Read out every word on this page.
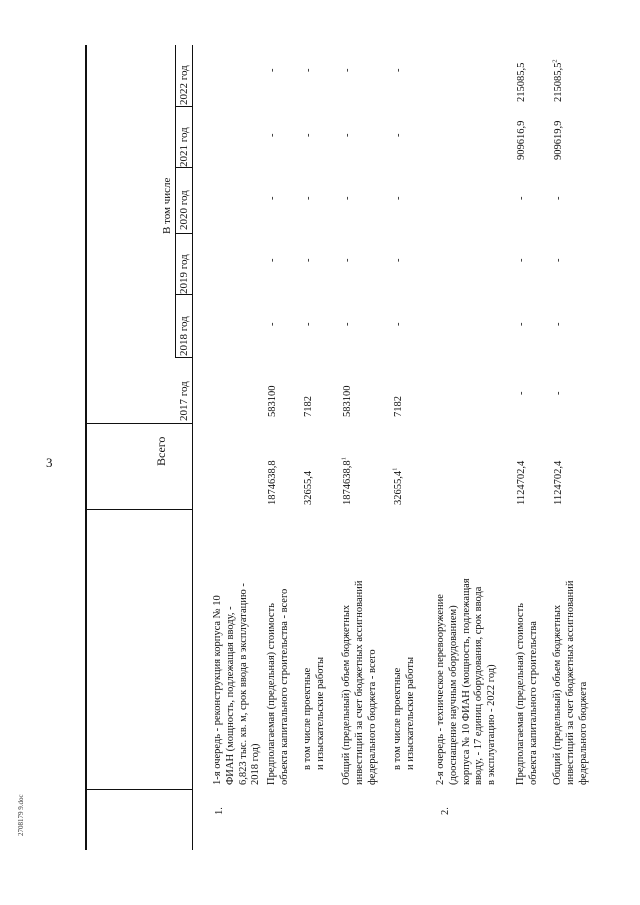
3

2708179 9.doc
Всего
В том числе
2017 год
2018 год
2019 год
2020 год
2021 год
2022 год
1.
1-я очередь - реконструкция корпуса № 10 ФИАН (мощность, подлежащая вводу, - 6,823 тыс. кв. м, срок ввода в эксплуатацию - 2018 год) Предполагаемая (предельная) стоимость объекта капитального строительства - всего
1874638,8
583100
-
-
-
-
-
в том числе проектные и изыскательские работы
32655,4
7182
-
-
-
-
-
Общий (предельный) объем бюджетных инвестиций за счет бюджетных ассигнований федерального бюджета - всего
1874638,8$^1$
583100
-
-
-
-
-
в том числе проектные и изыскательские работы
32655,4$^1$
7182
-
-
-
-
-
2.
2-я очередь - техническое перевооружение (дооснащение научным оборудованием) корпуса № 10 ФИАН (мощность, подлежащая вводу, - 17 единиц оборудования, срок ввода в эксплуатацию - 2022 год) Предполагаемая (предельная) стоимость объекта капитального строительства
1124702,4
-
-
-
-
909616,9
215085,5
Общий (предельный) объем бюджетных инвестиций за счет бюджетных ассигнований федерального бюджета
1124702,4
-
-
-
-
909619,9
215085,5$^2$
